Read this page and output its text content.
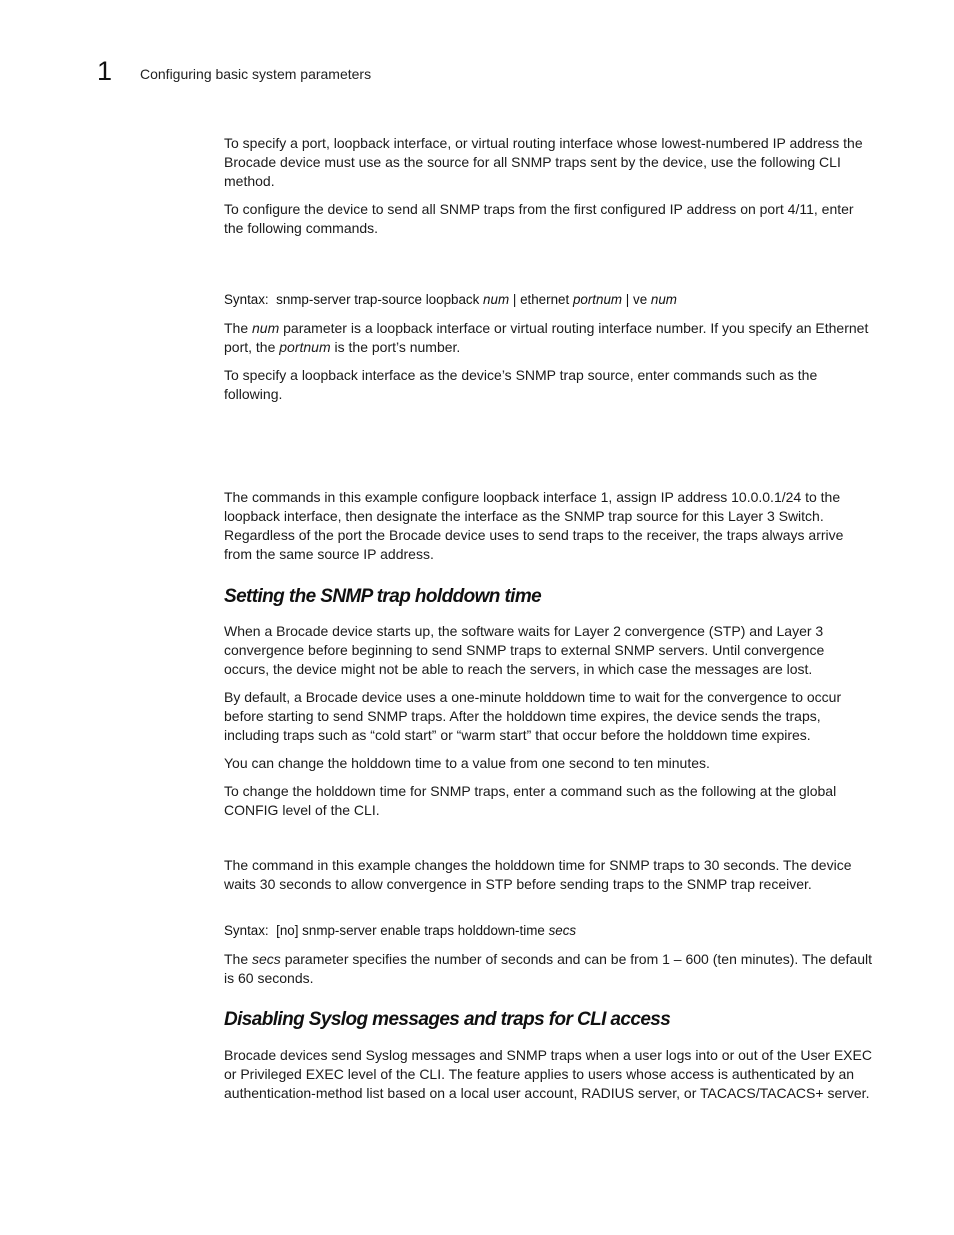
1	Configuring basic system parameters

To specify a port, loopback interface, or virtual routing interface whose lowest-numbered IP address the Brocade device must use as the source for all SNMP traps sent by the device, use the following CLI method.

To configure the device to send all SNMP traps from the first configured IP address on port 4/11, enter the following commands.

Syntax: snmp-server trap-source loopback num | ethernet portnum | ve num

The num parameter is a loopback interface or virtual routing interface number. If you specify an Ethernet port, the portnum is the port’s number.

To specify a loopback interface as the device’s SNMP trap source, enter commands such as the following.

The commands in this example configure loopback interface 1, assign IP address 10.0.0.1/24 to the loopback interface, then designate the interface as the SNMP trap source for this Layer 3 Switch. Regardless of the port the Brocade device uses to send traps to the receiver, the traps always arrive from the same source IP address.

Setting the SNMP trap holddown time

When a Brocade device starts up, the software waits for Layer 2 convergence (STP) and Layer 3 convergence before beginning to send SNMP traps to external SNMP servers. Until convergence occurs, the device might not be able to reach the servers, in which case the messages are lost.

By default, a Brocade device uses a one-minute holddown time to wait for the convergence to occur before starting to send SNMP traps. After the holddown time expires, the device sends the traps, including traps such as “cold start” or “warm start” that occur before the holddown time expires.

You can change the holddown time to a value from one second to ten minutes.

To change the holddown time for SNMP traps, enter a command such as the following at the global CONFIG level of the CLI.

The command in this example changes the holddown time for SNMP traps to 30 seconds. The device waits 30 seconds to allow convergence in STP before sending traps to the SNMP trap receiver.

Syntax: [no] snmp-server enable traps holddown-time secs

The secs parameter specifies the number of seconds and can be from 1 – 600 (ten minutes). The default is 60 seconds.

Disabling Syslog messages and traps for CLI access

Brocade devices send Syslog messages and SNMP traps when a user logs into or out of the User EXEC or Privileged EXEC level of the CLI. The feature applies to users whose access is authenticated by an authentication-method list based on a local user account, RADIUS server, or TACACS/TACACS+ server.
